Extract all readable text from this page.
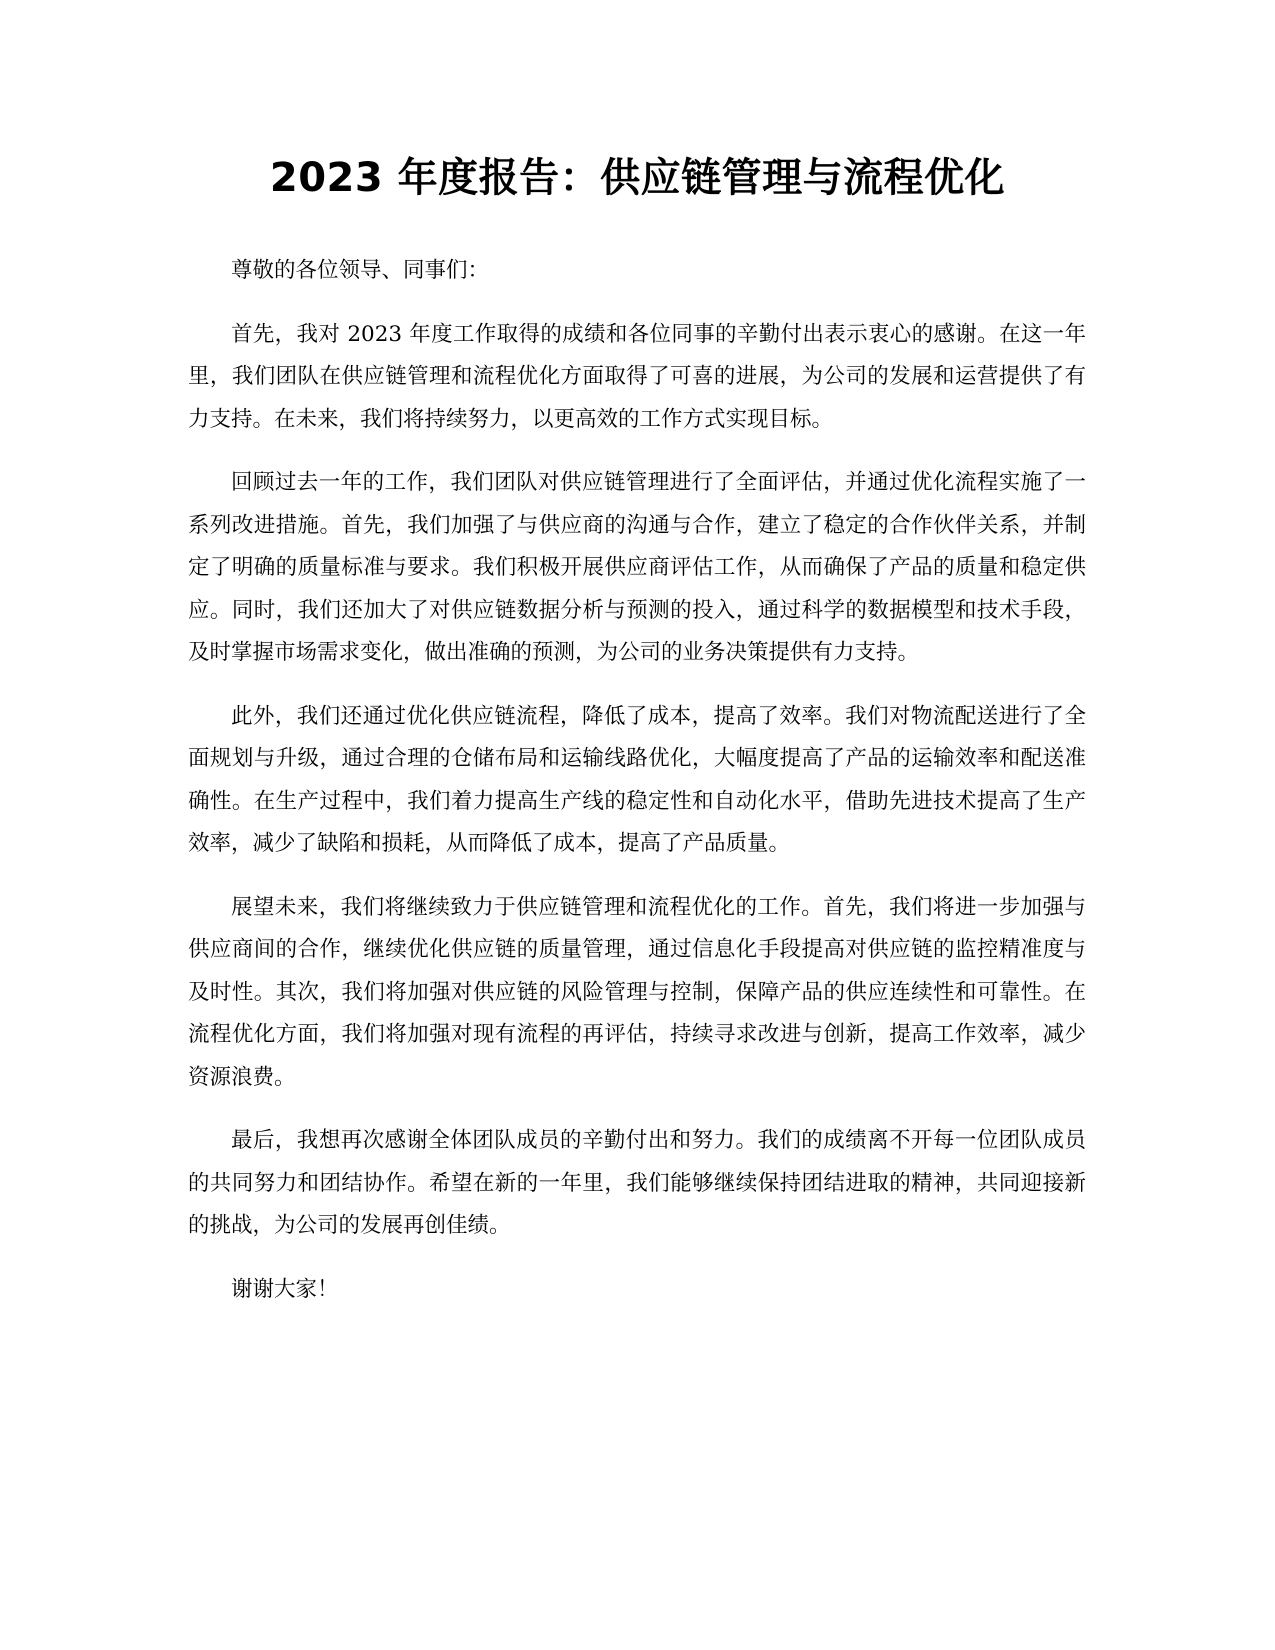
2023 年度报告：供应链管理与流程优化

尊敬的各位领导、同事们：

首先，我对 2023 年度工作取得的成绩和各位同事的辛勤付出表示衷心的感谢。在这一年里，我们团队在供应链管理和流程优化方面取得了可喜的进展，为公司的发展和运营提供了有力支持。在未来，我们将持续努力，以更高效的工作方式实现目标。

回顾过去一年的工作，我们团队对供应链管理进行了全面评估，并通过优化流程实施了一系列改进措施。首先，我们加强了与供应商的沟通与合作，建立了稳定的合作伙伴关系，并制定了明确的质量标准与要求。我们积极开展供应商评估工作，从而确保了产品的质量和稳定供应。同时，我们还加大了对供应链数据分析与预测的投入，通过科学的数据模型和技术手段，及时掌握市场需求变化，做出准确的预测，为公司的业务决策提供有力支持。

此外，我们还通过优化供应链流程，降低了成本，提高了效率。我们对物流配送进行了全面规划与升级，通过合理的仓储布局和运输线路优化，大幅度提高了产品的运输效率和配送准确性。在生产过程中，我们着力提高生产线的稳定性和自动化水平，借助先进技术提高了生产效率，减少了缺陷和损耗，从而降低了成本，提高了产品质量。

展望未来，我们将继续致力于供应链管理和流程优化的工作。首先，我们将进一步加强与供应商间的合作，继续优化供应链的质量管理，通过信息化手段提高对供应链的监控精准度与及时性。其次，我们将加强对供应链的风险管理与控制，保障产品的供应连续性和可靠性。在流程优化方面，我们将加强对现有流程的再评估，持续寻求改进与创新，提高工作效率，减少资源浪费。

最后，我想再次感谢全体团队成员的辛勤付出和努力。我们的成绩离不开每一位团队成员的共同努力和团结协作。希望在新的一年里，我们能够继续保持团结进取的精神，共同迎接新的挑战，为公司的发展再创佳绩。

谢谢大家！
